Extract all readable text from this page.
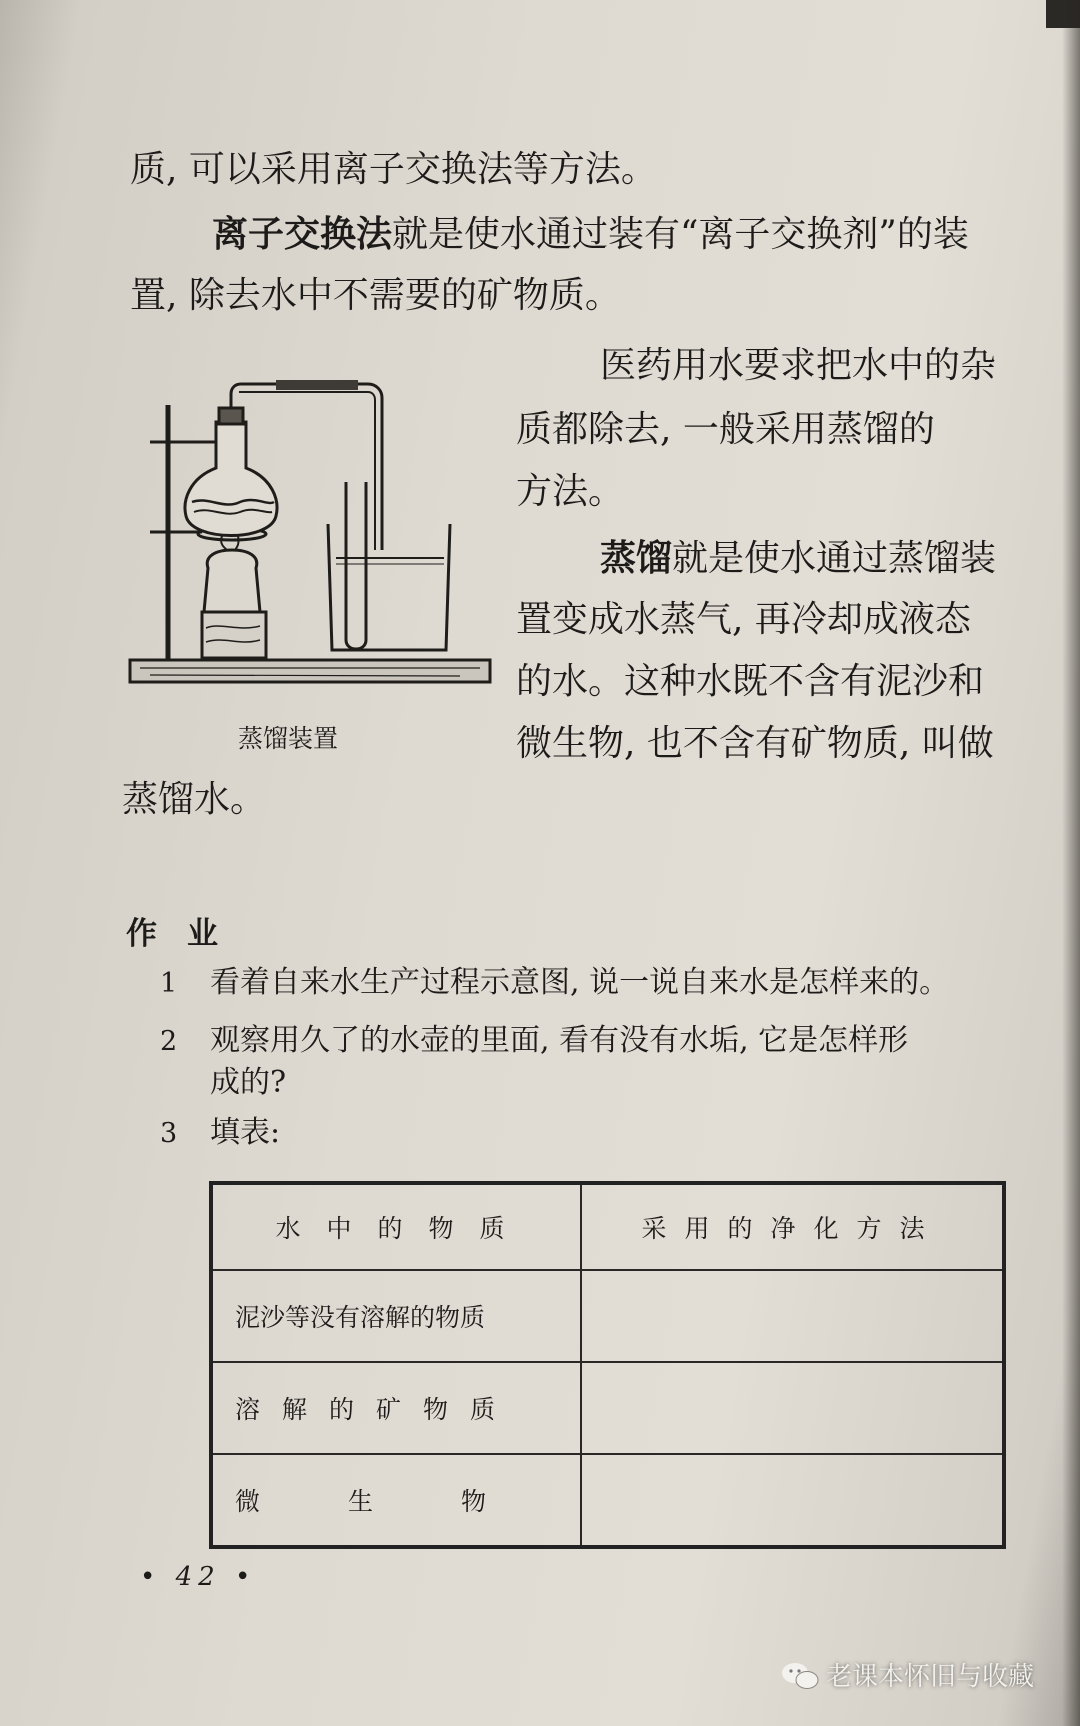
质, 可以采用离子交换法等方法。
离子交换法就是使水通过装有“离子交换剂”的装
置, 除去水中不需要的矿物质。
医药用水要求把水中的杂
质都除去, 一般采用蒸馏的
方法。
蒸馏就是使水通过蒸馏装
置变成水蒸气, 再冷却成液态
的水。这种水既不含有泥沙和
微生物, 也不含有矿物质, 叫做
蒸馏水。
蒸馏装置
作业
1 看着自来水生产过程示意图, 说一说自来水是怎样来的。
2 观察用久了的水壶的里面, 看有没有水垢, 它是怎样形
成的?
3 填表:
水中的物质	采用的净化方法
泥沙等没有溶解的物质	
溶解的矿物质	
微生物	
• 42 •
老课本怀旧与收藏
